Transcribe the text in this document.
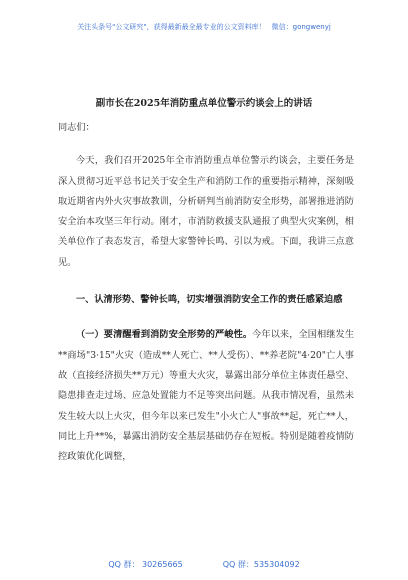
关注头条号"公文研究"，获得最新最全最专业的公文资料库！ 微信：gongwenyj
副市长在2025年消防重点单位警示约谈会上的讲话

同志们：

今天，我们召开2025年全市消防重点单位警示约谈会，主要任务是深入贯彻习近平总书记关于安全生产和消防工作的重要指示精神，深刻吸取近期省内外火灾事故教训，分析研判当前消防安全形势，部署推进消防安全治本攻坚三年行动。刚才，市消防救援支队通报了典型火灾案例，相关单位作了表态发言，希望大家警钟长鸣、引以为戒。下面，我讲三点意见。

一、认清形势、警钟长鸣，切实增强消防安全工作的责任感紧迫感

（一）要清醒看到消防安全形势的严峻性。今年以来，全国相继发生**商场"3·15"火灾（造成**人死亡、**人受伤）、**养老院"4·20"亡人事故（直接经济损失**万元）等重大火灾，暴露出部分单位主体责任悬空、隐患排查走过场、应急处置能力不足等突出问题。从我市情况看，虽然未发生较大以上火灾，但今年以来已发生"小火亡人"事故**起，死亡**人，同比上升**%，暴露出消防安全基层基础仍存在短板。特别是随着疫情防控政策优化调整，

QQ 群： 30265665	QQ 群：535304092
